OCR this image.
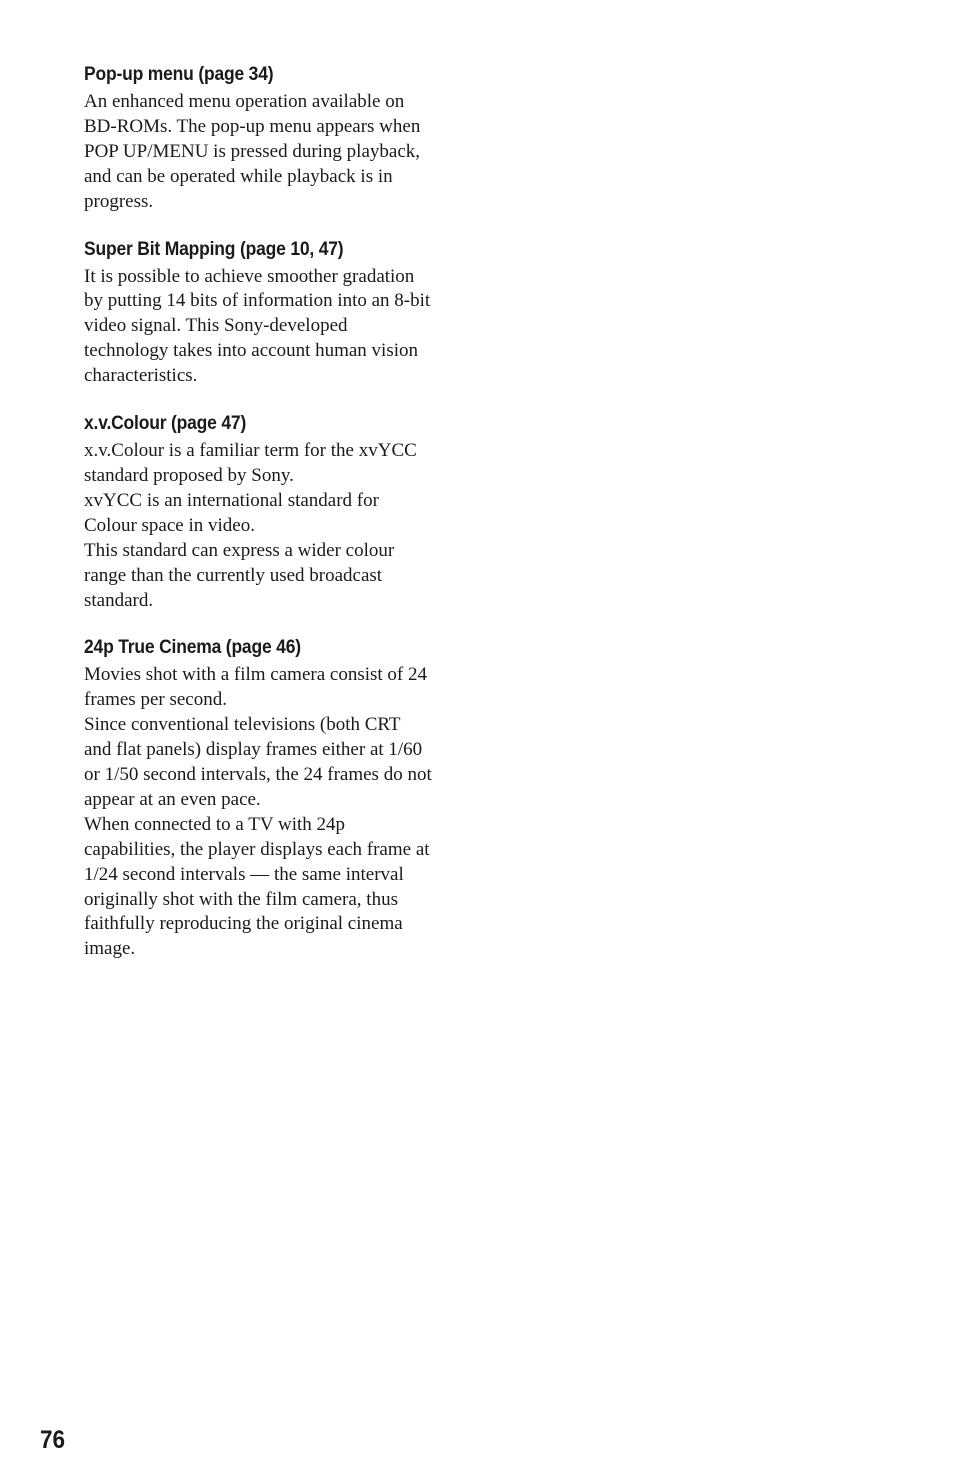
Pop-up menu (page 34)

An enhanced menu operation available on
BD-ROMs. The pop-up menu appears when
POP UP/MENU is pressed during playback,
and can be operated while playback is in
progress.

Super Bit Mapping (page 10, 47)

It is possible to achieve smoother gradation
by putting 14 bits of information into an 8-bit
video signal. This Sony-developed
technology takes into account human vision
characteristics.

x.v.Colour (page 47)

x.v.Colour is a familiar term for the xvYCC
standard proposed by Sony.

xvYCC is an international standard for
Colour space in video.

This standard can express a wider colour
range than the currently used broadcast
standard.

24p True Cinema (page 46)

Movies shot with a film camera consist of 24
frames per second.

Since conventional televisions (both CRT
and flat panels) display frames either at 1/60
or 1/50 second intervals, the 24 frames do not
appear at an even pace.

When connected to a TV with 24p
capabilities, the player displays each frame at
1/24 second intervals — the same interval
originally shot with the film camera, thus
faithfully reproducing the original cinema
image.

76
